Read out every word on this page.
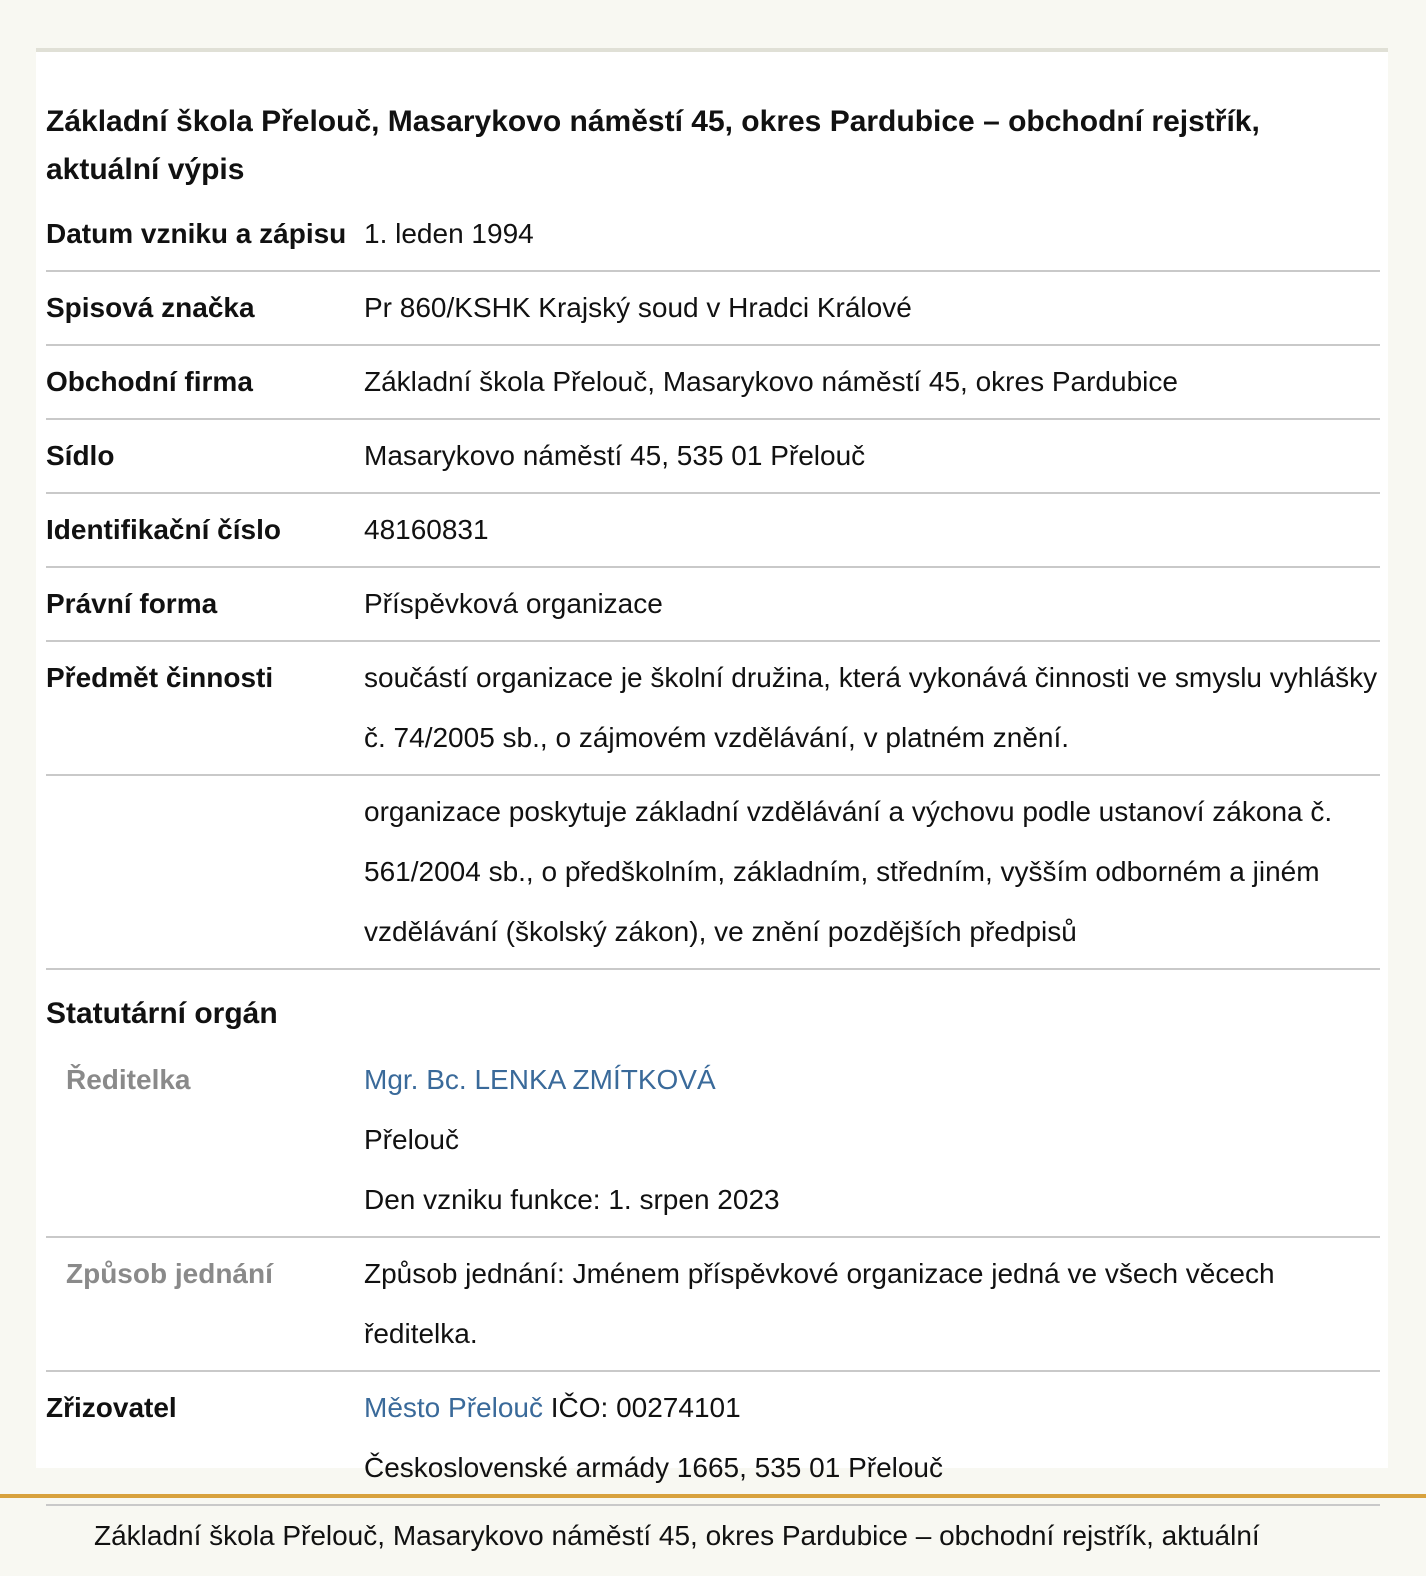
Základní škola Přelouč, Masarykovo náměstí 45, okres Pardubice – obchodní rejstřík, aktuální výpis
Datum vzniku a zápisu 1. leden 1994
Spisová značka	Pr 860/KSHK Krajský soud v Hradci Králové
Obchodní firma	Základní škola Přelouč, Masarykovo náměstí 45, okres Pardubice
Sídlo	Masarykovo náměstí 45, 535 01 Přelouč
Identifikační číslo	48160831
Právní forma	Příspěvková organizace
Předmět činnosti	součástí organizace je školní družina, která vykonává činnosti ve smyslu vyhlášky č. 74/2005 sb., o zájmovém vzdělávání, v platném znění.
organizace poskytuje základní vzdělávání a výchovu podle ustanoví zákona č. 561/2004 sb., o předškolním, základním, středním, vyšším odborném a jiném vzdělávání (školský zákon), ve znění pozdějších předpisů
Statutární orgán
Ředitelka	Mgr. Bc. LENKA ZMÍTKOVÁ
Přelouč
Den vzniku funkce: 1. srpen 2023
Způsob jednání	Způsob jednání: Jménem příspěvkové organizace jedná ve všech věcech ředitelka.
Zřizovatel	Město Přelouč IČO: 00274101
Československé armády 1665, 535 01 Přelouč
Základní škola Přelouč, Masarykovo náměstí 45, okres Pardubice – obchodní rejstřík, aktuální
